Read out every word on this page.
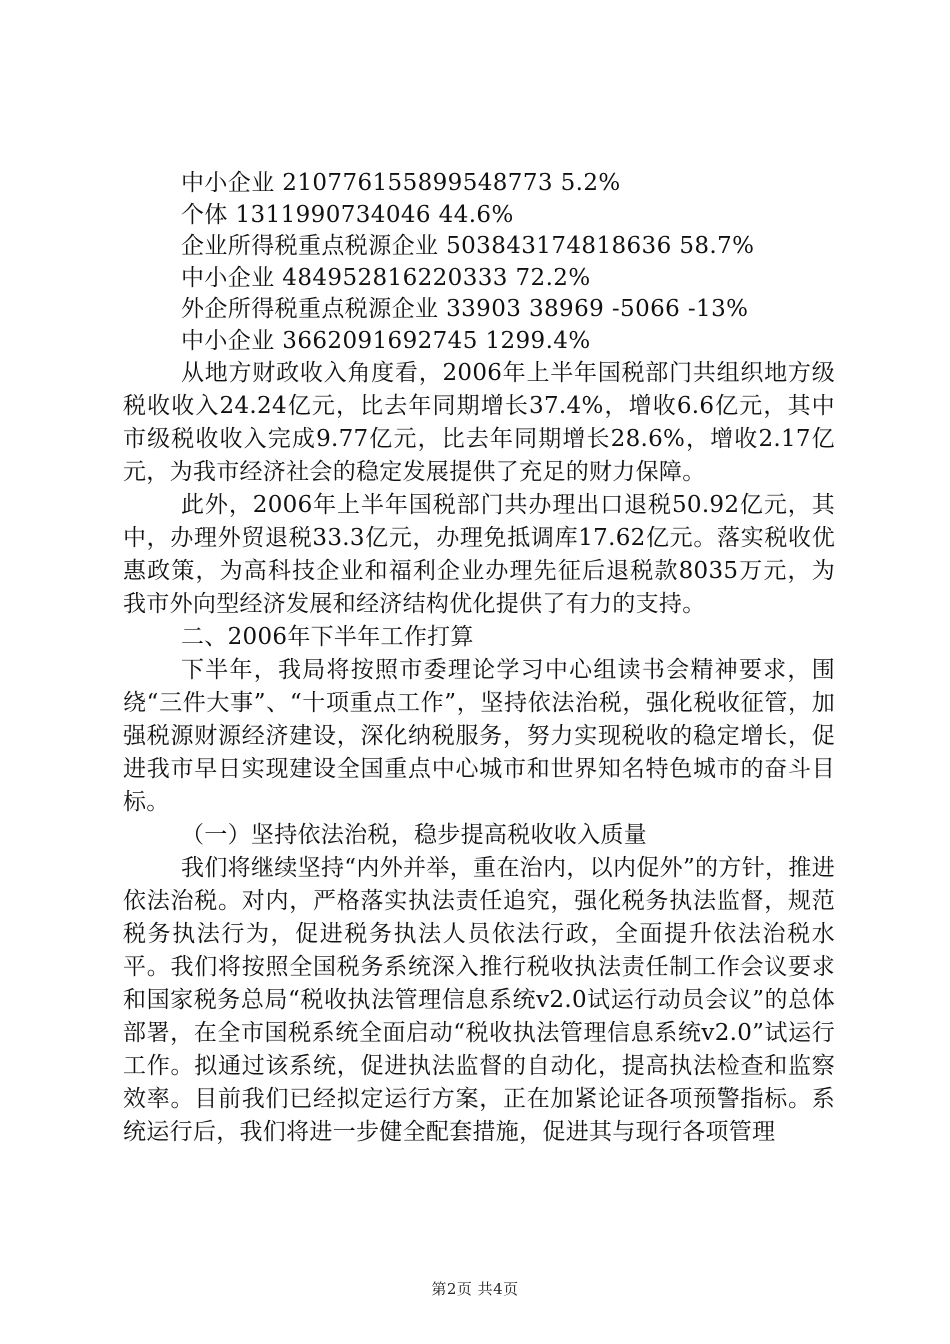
中小企业 210776155899548773 5.2%
个体 1311990734046 44.6%
企业所得税重点税源企业 503843174818636 58.7%
中小企业 484952816220333 72.2%
外企所得税重点税源企业 33903 38969 -5066 -13%
中小企业 3662091692745 1299.4%

从地方财政收入角度看，2006年上半年国税部门共组织地方级税收收入24.24亿元，比去年同期增长37.4%，增收6.6亿元，其中市级税收收入完成9.77亿元，比去年同期增长28.6%，增收2.17亿元，为我市经济社会的稳定发展提供了充足的财力保障。

此外，2006年上半年国税部门共办理出口退税50.92亿元，其中，办理外贸退税33.3亿元，办理免抵调库17.62亿元。落实税收优惠政策，为高科技企业和福利企业办理先征后退税款8035万元，为我市外向型经济发展和经济结构优化提供了有力的支持。

二、2006年下半年工作打算

下半年，我局将按照市委理论学习中心组读书会精神要求，围绕“三件大事”、“十项重点工作”，坚持依法治税，强化税收征管，加强税源财源经济建设，深化纳税服务，努力实现税收的稳定增长，促进我市早日实现建设全国重点中心城市和世界知名特色城市的奋斗目标。

（一）坚持依法治税，稳步提高税收收入质量

我们将继续坚持“内外并举，重在治内，以内促外”的方针，推进依法治税。对内，严格落实执法责任追究，强化税务执法监督，规范税务执法行为，促进税务执法人员依法行政，全面提升依法治税水平。我们将按照全国税务系统深入推行税收执法责任制工作会议要求和国家税务总局“税收执法管理信息系统v2.0试运行动员会议”的总体部署，在全市国税系统全面启动“税收执法管理信息系统v2.0”试运行工作。拟通过该系统，促进执法监督的自动化，提高执法检查和监察效率。目前我们已经拟定运行方案，正在加紧论证各项预警指标。系统运行后，我们将进一步健全配套措施，促进其与现行各项管理

第2页 共4页
